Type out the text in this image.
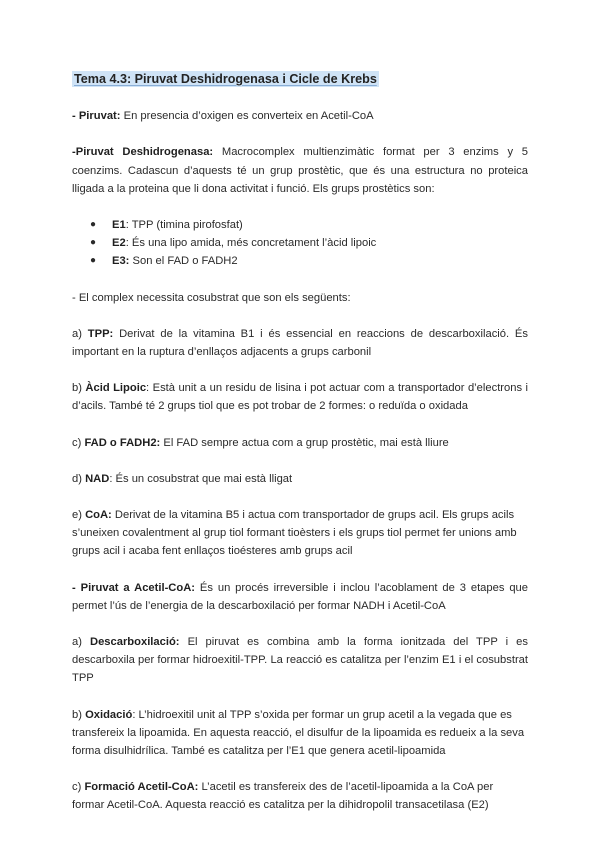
Tema 4.3: Piruvat Deshidrogenasa i Cicle de Krebs

- Piruvat: En presencia d’oxigen es converteix en Acetil-CoA

-Piruvat Deshidrogenasa: Macrocomplex multienzimàtic format per 3 enzims y 5 coenzims. Cadascun d’aquests té un grup prostètic, que és una estructura no proteica lligada a la proteina que li dona activitat i funció. Els grups prostètics son:

● E1: TPP (timina pirofosfat)
● E2: És una lipo amida, més concretament l’àcid lipoic
● E3: Son el FAD o FADH2

- El complex necessita cosubstrat que son els següents:

a) TPP: Derivat de la vitamina B1 i és essencial en reaccions de descarboxilació. És important en la ruptura d’enllaços adjacents a grups carbonil

b) Àcid Lipoic: Està unit a un residu de lisina i pot actuar com a transportador d’electrons i d’acils. També té 2 grups tiol que es pot trobar de 2 formes: o reduïda o oxidada

c) FAD o FADH2: El FAD sempre actua com a grup prostètic, mai està lliure

d) NAD: És un cosubstrat que mai està lligat

e) CoA: Derivat de la vitamina B5 i actua com transportador de grups acil. Els grups acils s’uneixen covalentment al grup tiol formant tioèsters i els grups tiol permet fer unions amb grups acil i acaba fent enllaços tioésteres amb grups acil

- Piruvat a Acetil-CoA: És un procés irreversible i inclou l’acoblament de 3 etapes que permet l’ús de l’energia de la descarboxilació per formar NADH i Acetil-CoA

a) Descarboxilació: El piruvat es combina amb la forma ionitzada del TPP i es descarboxila per formar hidroexitil-TPP. La reacció es catalitza per l’enzim E1 i el cosubstrat TPP

b) Oxidació: L’hidroexitil unit al TPP s’oxida per formar un grup acetil a la vegada que es transfereix la lipoamida. En aquesta reacció, el disulfur de la lipoamida es redueix a la seva forma disulhidrílica. També es catalitza per l’E1 que genera acetil-lipoamida

c) Formació Acetil-CoA: L’acetil es transfereix des de l’acetil-lipoamida a la CoA per formar Acetil-CoA. Aquesta reacció es catalitza per la dihidropolil transacetilasa (E2)
